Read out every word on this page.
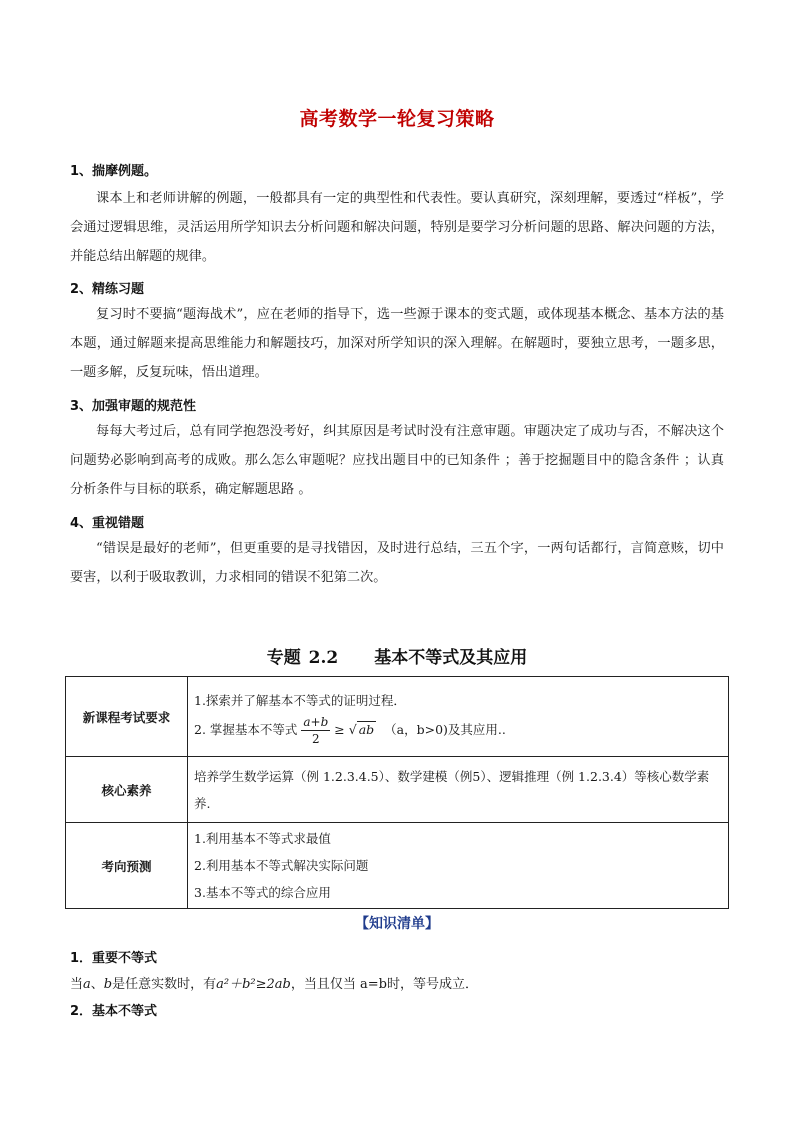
高考数学一轮复习策略
1、揣摩例题。
课本上和老师讲解的例题，一般都具有一定的典型性和代表性。要认真研究，深刻理解，要透过“样板”，学会通过逻辑思维，灵活运用所学知识去分析问题和解决问题，特别是要学习分析问题的思路、解决问题的方法，并能总结出解题的规律。
2、精练习题
复习时不要搞“题海战术”，应在老师的指导下，选一些源于课本的变式题，或体现基本概念、基本方法的基本题，通过解题来提高思维能力和解题技巧，加深对所学知识的深入理解。在解题时，要独立思考，一题多思，一题多解，反复玩味，悟出道理。
3、加强审题的规范性
每每大考过后，总有同学抱怨没考好，纠其原因是考试时没有注意审题。审题决定了成功与否，不解决这个问题势必影响到高考的成败。那么怎么审题呢？应找出题目中的已知条件 ；善于挖掘题目中的隐含条件 ；认真分析条件与目标的联系，确定解题思路 。
4、重视错题
“错误是最好的老师”，但更重要的是寻找错因，及时进行总结，三五个字，一两句话都行，言简意赅，切中要害，以利于吸取教训，力求相同的错误不犯第二次。
专题 2.2 基本不等式及其应用
新课程考试要求	1.探索并了解基本不等式的证明过程．
2. 掌握基本不等式 $\frac{a+b}{2}$ ≥ √ ab （a，b>0)及其应用..

核心素养	培养学生数学运算（例 1.2.3.4.5）、数学建模（例5）、逻辑推理（例 1.2.3.4）等核心数学素养.
考向预测	1.利用基本不等式求最值
2.利用基本不等式解决实际问题
3.基本不等式的综合应用
【知识清单】
1．重要不等式
当a、b是任意实数时，有a²＋b²≥2ab，当且仅当 a=b时，等号成立．
2．基本不等式
